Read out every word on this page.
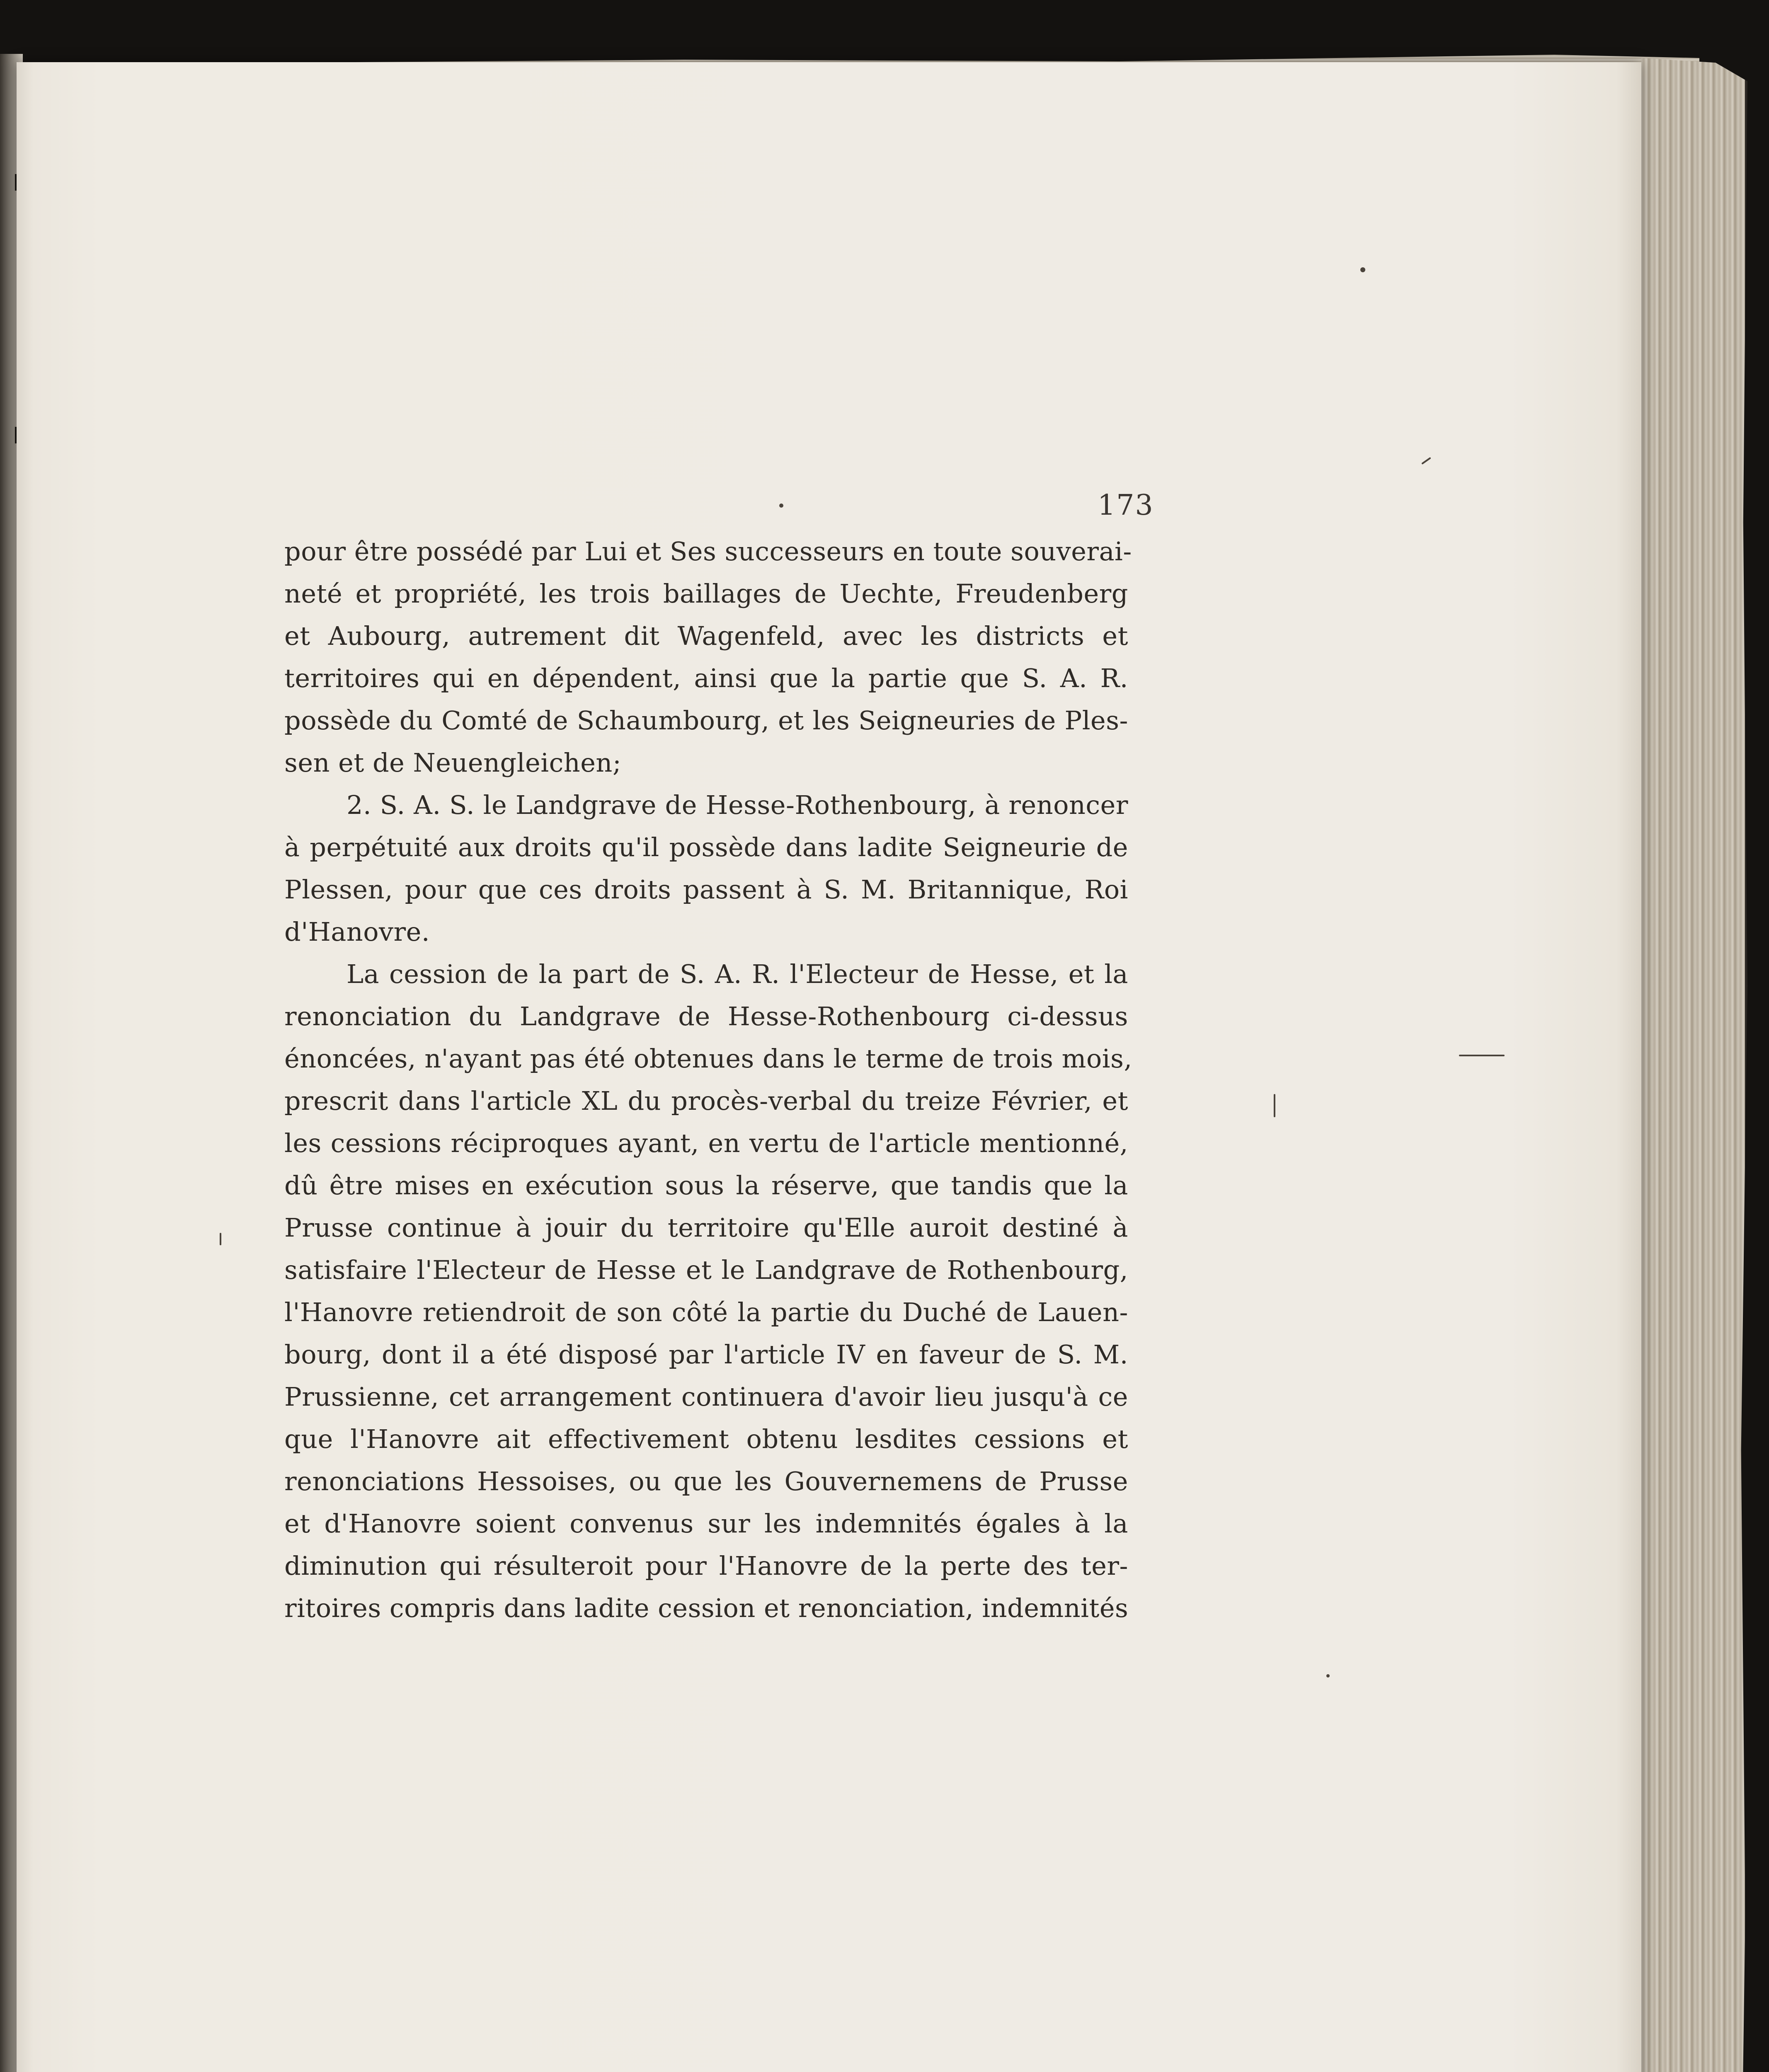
173
pour être possédé par Lui et Ses successeurs en toute souverai-
neté et propriété, les trois baillages de Uechte, Freudenberg
et Aubourg, autrement dit Wagenfeld, avec les districts et
territoires qui en dépendent, ainsi que la partie que S. A. R.
possède du Comté de Schaumbourg, et les Seigneuries de Ples-
sen et de Neuengleichen;
2. S. A. S. le Landgrave de Hesse-Rothenbourg, à renoncer
à perpétuité aux droits qu'il possède dans ladite Seigneurie de
Plessen, pour que ces droits passent à S. M. Britannique, Roi
d'Hanovre.
La cession de la part de S. A. R. l'Electeur de Hesse, et la
renonciation du Landgrave de Hesse-Rothenbourg ci-dessus
énoncées, n'ayant pas été obtenues dans le terme de trois mois,
prescrit dans l'article XL du procès-verbal du treize Février, et
les cessions réciproques ayant, en vertu de l'article mentionné,
dû être mises en exécution sous la réserve, que tandis que la
Prusse continue à jouir du territoire qu'Elle auroit destiné à
satisfaire l'Electeur de Hesse et le Landgrave de Rothenbourg,
l'Hanovre retiendroit de son côté la partie du Duché de Lauen-
bourg, dont il a été disposé par l'article IV en faveur de S. M.
Prussienne, cet arrangement continuera d'avoir lieu jusqu'à ce
que l'Hanovre ait effectivement obtenu lesdites cessions et
renonciations Hessoises, ou que les Gouvernemens de Prusse
et d'Hanovre soient convenus sur les indemnités égales à la
diminution qui résulteroit pour l'Hanovre de la perte des ter-
ritoires compris dans ladite cession et renonciation, indemnités
